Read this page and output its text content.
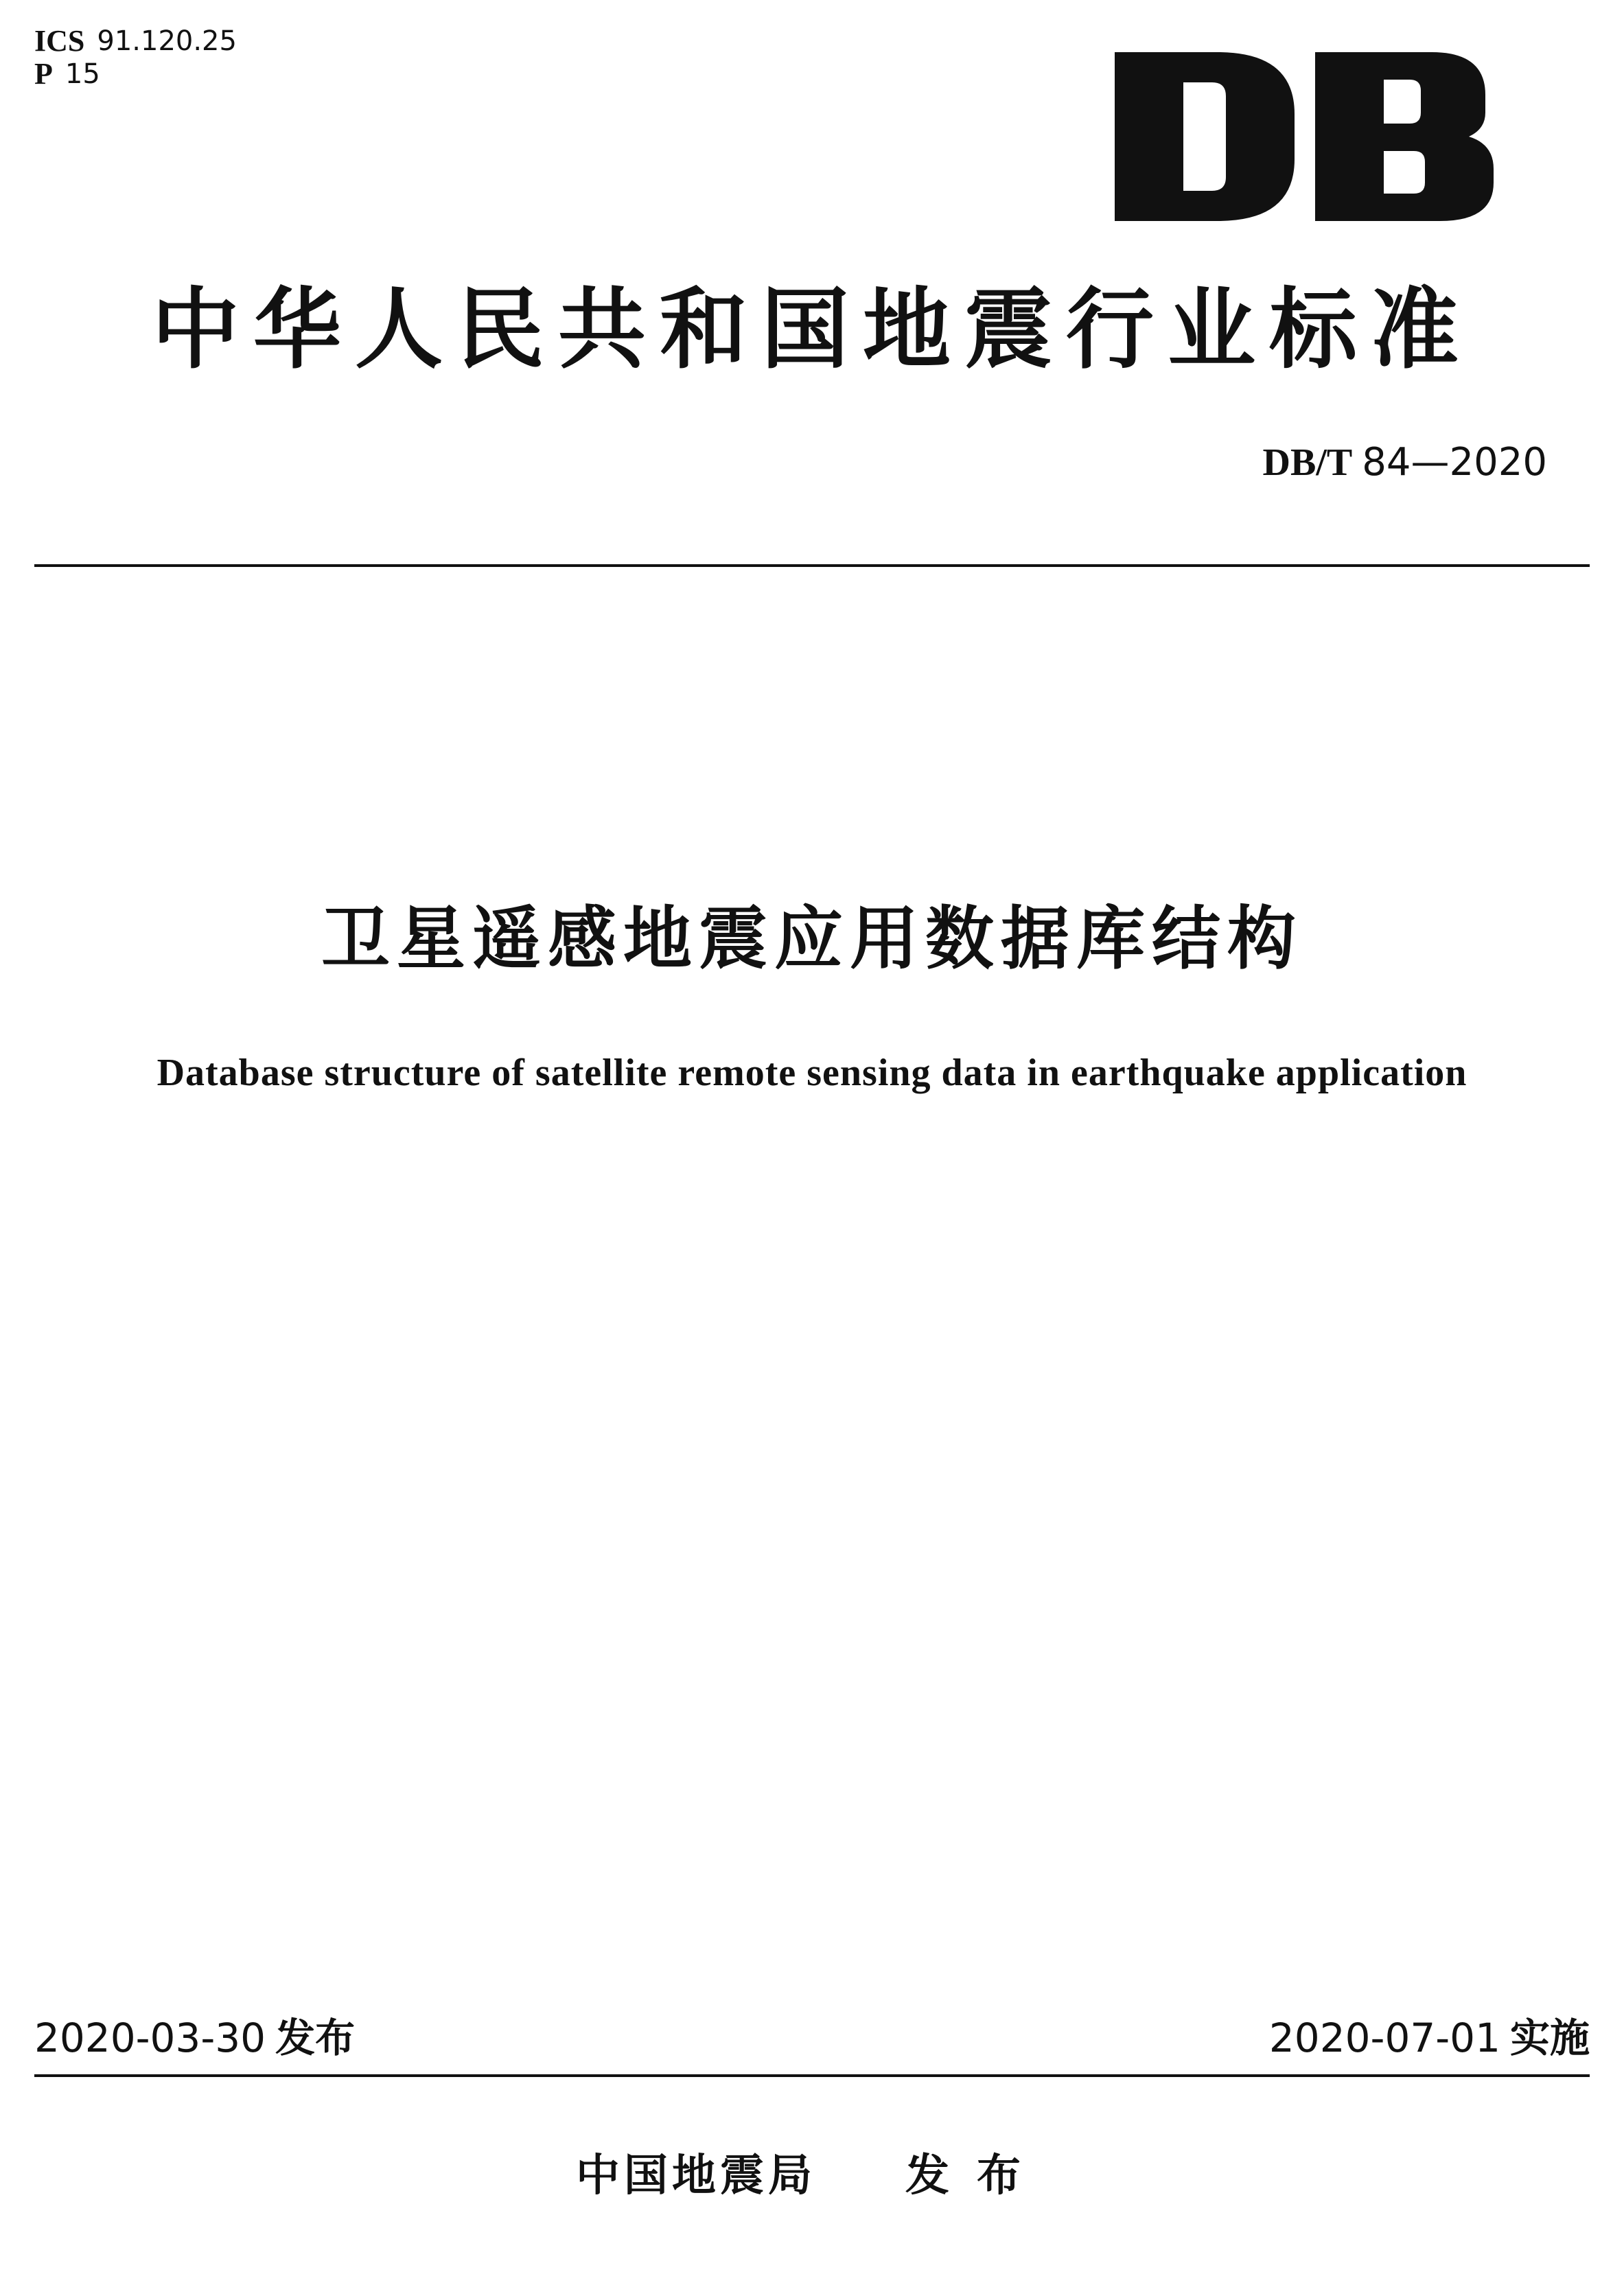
ICS 91.120.25
P 15
中华人民共和国地震行业标准
DB/T 84—2020
卫星遥感地震应用数据库结构
Database structure of satellite remote sensing data in earthquake application
2020-03-30 发布	2020-07-01 实施
中国地震局 发布
